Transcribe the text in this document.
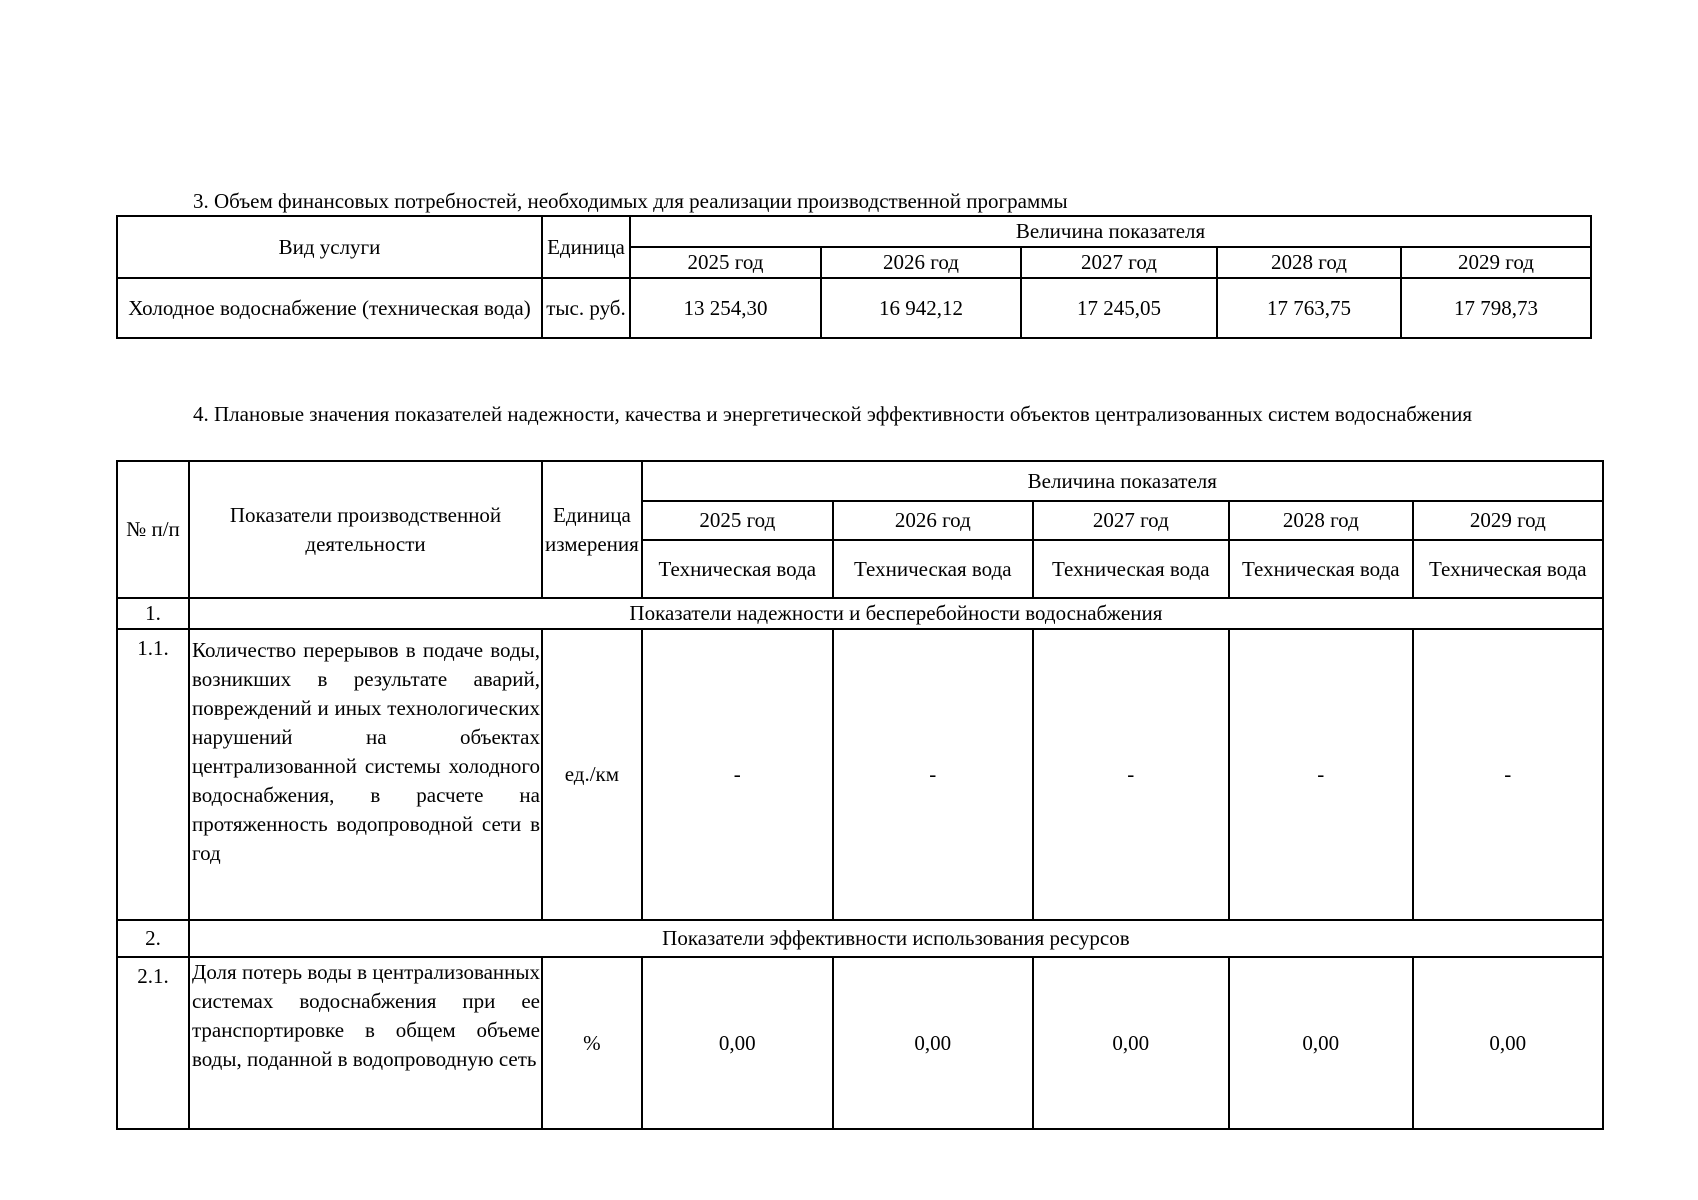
3. Объем финансовых потребностей, необходимых для реализации производственной программы
Вид услуги	Единица	Величина показателя				
		2025 год	2026 год	2027 год	2028 год	2029 год
Холодное водоснабжение (техническая вода)	тыс. руб.	13 254,30	16 942,12	17 245,05	17 763,75	17 798,73
4. Плановые значения показателей надежности, качества и энергетической эффективности объектов централизованных систем водоснабжения
№ п/п	Показатели производственной деятельности	Единица измерения	Величина показателя				
			2025 год	2026 год	2027 год	2028 год	2029 год
			Техническая вода	Техническая вода	Техническая вода	Техническая вода	Техническая вода
1.	Показатели надежности и бесперебойности водоснабжения						
1.1.	Количество перерывов в подаче воды, возникших в результате аварий, повреждений и иных технологических нарушений на объектах централизованной системы холодного водоснабжения, в расчете на протяженность водопроводной сети в год	ед./км	-	-	-	-	-
2.	Показатели эффективности использования ресурсов						
2.1.	Доля потерь воды в централизованных системах водоснабжения при ее транспортировке в общем объеме воды, поданной в водопроводную сеть	%	0,00	0,00	0,00	0,00	0,00
